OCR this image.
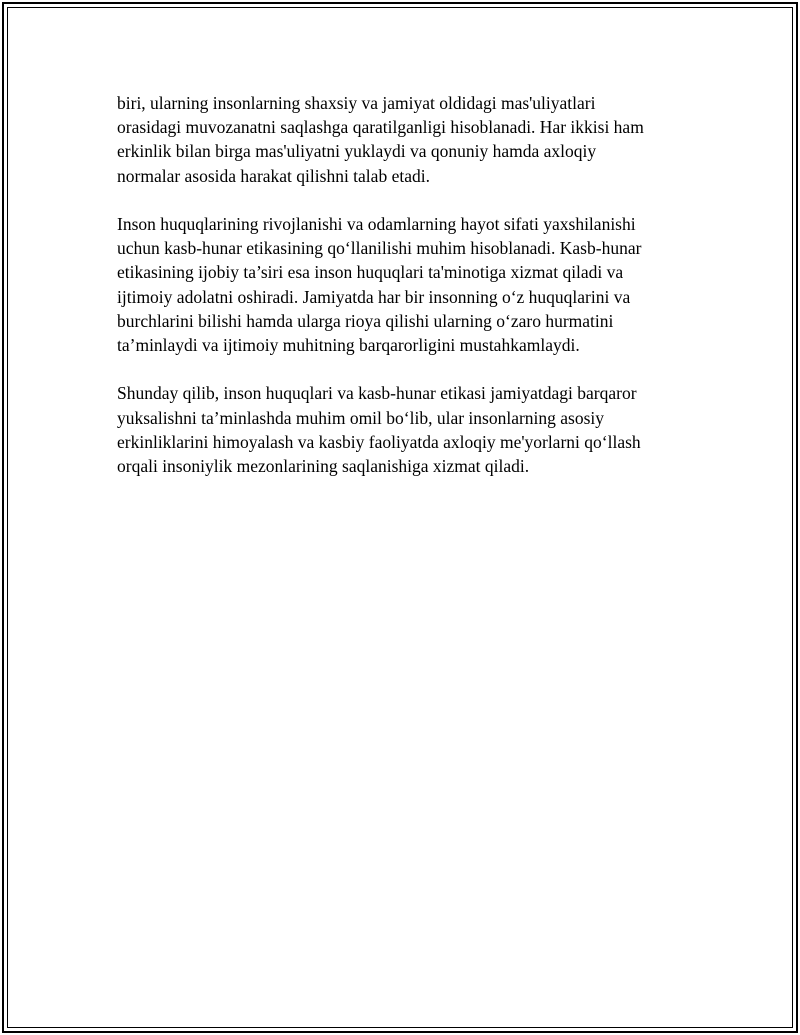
biri, ularning insonlarning shaxsiy va jamiyat oldidagi mas'uliyatlari
orasidagi muvozanatni saqlashga qaratilganligi hisoblanadi. Har ikkisi ham
erkinlik bilan birga mas'uliyatni yuklaydi va qonuniy hamda axloqiy
normalar asosida harakat qilishni talab etadi.

Inson huquqlarining rivojlanishi va odamlarning hayot sifati yaxshilanishi
uchun kasb-hunar etikasining qo‘llanilishi muhim hisoblanadi. Kasb-hunar
etikasining ijobiy ta’siri esa inson huquqlari ta'minotiga xizmat qiladi va
ijtimoiy adolatni oshiradi. Jamiyatda har bir insonning o‘z huquqlarini va
burchlarini bilishi hamda ularga rioya qilishi ularning o‘zaro hurmatini
ta’minlaydi va ijtimoiy muhitning barqarorligini mustahkamlaydi.

Shunday qilib, inson huquqlari va kasb-hunar etikasi jamiyatdagi barqaror
yuksalishni ta’minlashda muhim omil bo‘lib, ular insonlarning asosiy
erkinliklarini himoyalash va kasbiy faoliyatda axloqiy me'yorlarni qo‘llash
orqali insoniylik mezonlarining saqlanishiga xizmat qiladi.
